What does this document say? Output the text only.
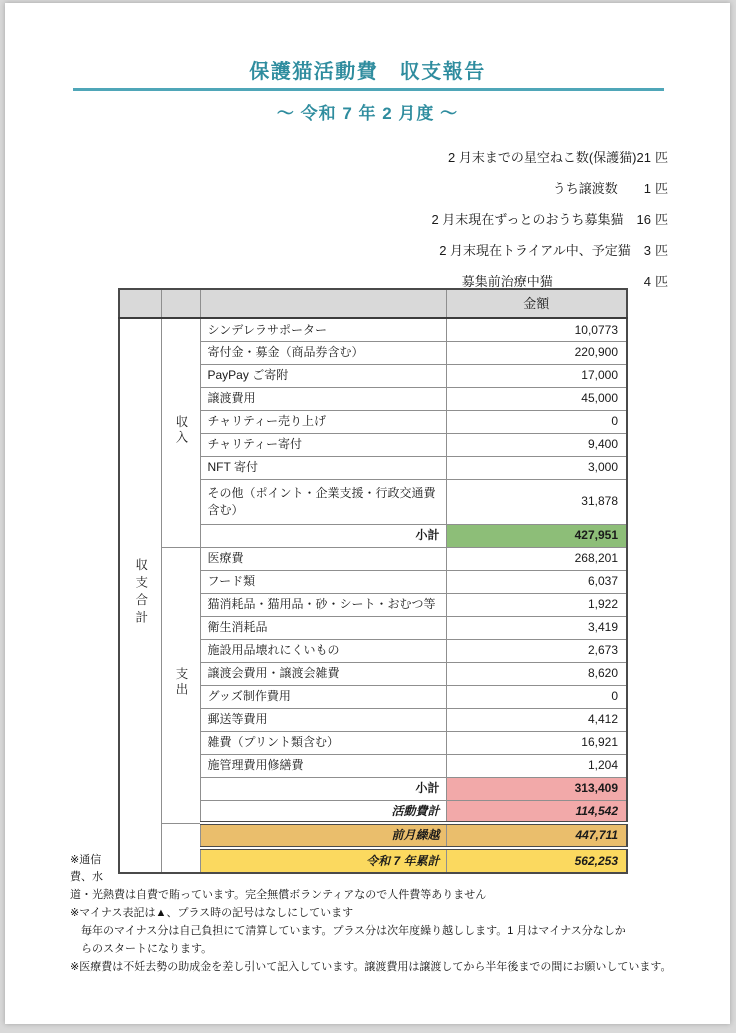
保護猫活動費　収支報告
～ 令和 7 年 2 月度 ～
2 月末までの星空ねこ数(保護猫)21 匹
うち譲渡数　　1 匹
2 月末現在ずっとのおうち募集猫　16 匹
2 月末現在トライアル中、予定猫　3 匹
募集前治療中猫　　　　　　　4 匹
			金額
収支合計	収入	シンデレラサポーター	10,0773
		寄付金・募金（商品券含む）	220,900
		PayPay ご寄附	17,000
		譲渡費用	45,000
		チャリティー売り上げ	0
		チャリティー寄付	9,400
		NFT 寄付	3,000
		その他（ポイント・企業支援・行政交通費含む）	31,878
		小計	427,951
	支出	医療費	268,201
		フード類	6,037
		猫消耗品・猫用品・砂・シート・おむつ等	1,922
		衛生消耗品	3,419
		施設用品壊れにくいもの	2,673
		譲渡会費用・譲渡会雑費	8,620
		グッズ制作費用	0
		郵送等費用	4,412
		雑費（プリント類含む）	16,921
		施管理費用修繕費	1,204
		小計	313,409
		活動費計	114,542
		前月繰越	447,711
		令和 7 年累計	562,253
※通信費、水
道・光熱費は自費で賄っています。完全無償ボランティアなので人件費等ありません
※マイナス表記は▲、プラス時の記号はなしにしています
　毎年のマイナス分は自己負担にて清算しています。プラス分は次年度繰り越しします。1 月はマイナス分なしか
　らのスタートになります。
※医療費は不妊去勢の助成金を差し引いて記入しています。譲渡費用は譲渡してから半年後までの間にお願いしています。
